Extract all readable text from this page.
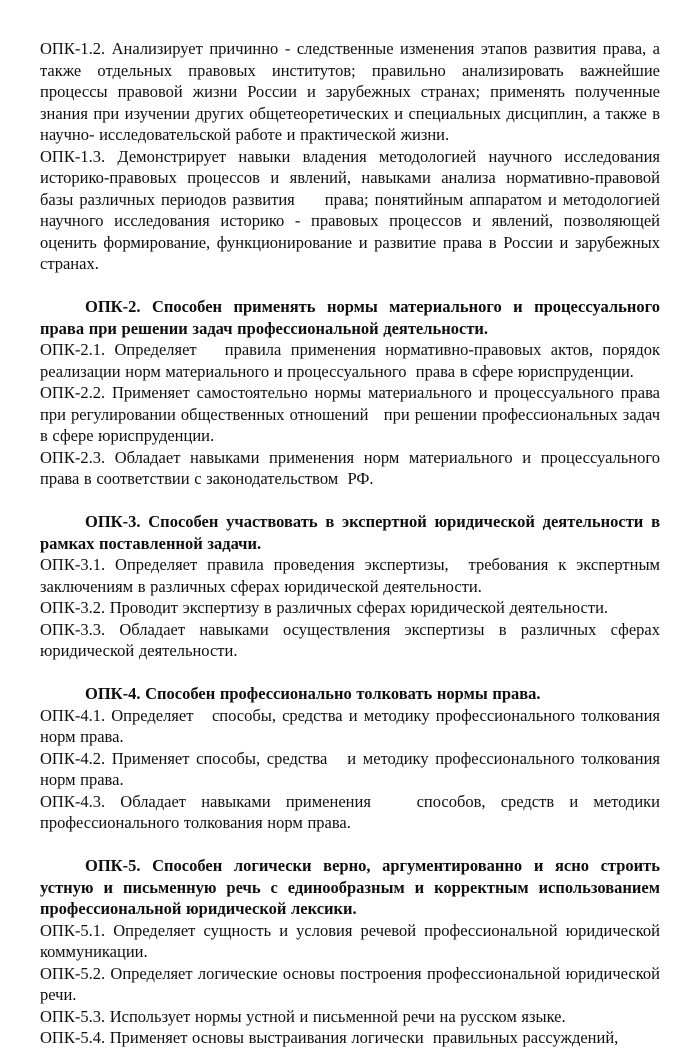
ОПК-1.2. Анализирует причинно - следственные изменения этапов развития права, а также отдельных правовых институтов; правильно анализировать важнейшие процессы правовой жизни России и зарубежных странах; применять полученные знания при изучении других общетеоретических и специальных дисциплин, а также в научно- исследовательской работе и практической жизни.

ОПК-1.3. Демонстрирует навыки владения методологией научного исследования историко-правовых процессов и явлений, навыками анализа нормативно-правовой базы различных периодов развития     права; понятийным аппаратом и методологией научного исследования историко - правовых процессов и явлений, позволяющей оценить формирование, функционирование и развитие права в России и зарубежных странах.

ОПК-2. Способен применять нормы материального и процессуального права при решении задач профессиональной деятельности.

ОПК-2.1. Определяет   правила применения нормативно-правовых актов, порядок реализации норм материального и процессуального  права в сфере юриспруденции.

ОПК-2.2. Применяет самостоятельно нормы материального и процессуального права при регулировании общественных отношений   при решении профессиональных задач в сфере юриспруденции.

ОПК-2.3. Обладает навыками применения норм материального и процессуального права в соответствии с законодательством  РФ.

ОПК-3. Способен участвовать в экспертной юридической деятельности в рамках поставленной задачи.

ОПК-3.1. Определяет правила проведения экспертизы,  требования к экспертным заключениям в различных сферах юридической деятельности.

ОПК-3.2. Проводит экспертизу в различных сферах юридической деятельности.

ОПК-3.3. Обладает навыками осуществления экспертизы в различных сферах юридической деятельности.

ОПК-4. Способен профессионально толковать нормы права.

ОПК-4.1. Определяет   способы, средства и методику профессионального толкования норм права.

ОПК-4.2. Применяет способы, средства   и методику профессионального толкования норм права.

ОПК-4.3. Обладает навыками применения   способов, средств и методики профессионального толкования норм права.

ОПК-5. Способен логически верно, аргументированно и ясно строить устную и письменную речь с единообразным и корректным использованием профессиональной юридической лексики.

ОПК-5.1. Определяет сущность и условия речевой профессиональной юридической коммуникации.

ОПК-5.2. Определяет логические основы построения профессиональной юридической речи.

ОПК-5.3. Использует нормы устной и письменной речи на русском языке.

ОПК-5.4. Применяет основы выстраивания логически  правильных рассуждений,
